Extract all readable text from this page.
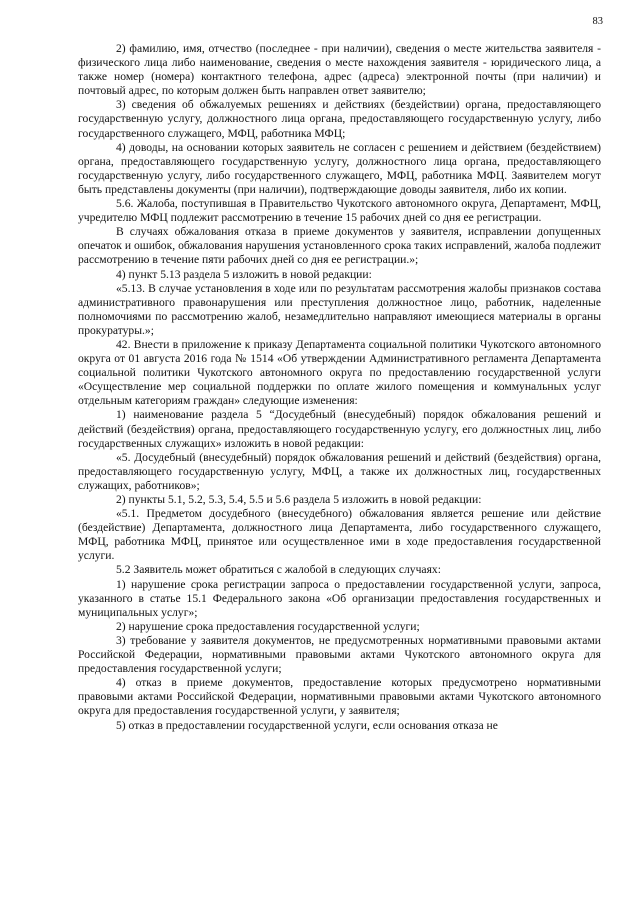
83

2) фамилию, имя, отчество (последнее - при наличии), сведения о месте жительства заявителя - физического лица либо наименование, сведения о месте нахождения заявителя - юридического лица, а также номер (номера) контактного телефона, адрес (адреса) электронной почты (при наличии) и почтовый адрес, по которым должен быть направлен ответ заявителю;

3) сведения об обжалуемых решениях и действиях (бездействии) органа, предоставляющего государственную услугу, должностного лица органа, предоставляющего государственную услугу, либо государственного служащего, МФЦ, работника МФЦ;

4) доводы, на основании которых заявитель не согласен с решением и действием (бездействием) органа, предоставляющего государственную услугу, должностного лица органа, предоставляющего государственную услугу, либо государственного служащего, МФЦ, работника МФЦ. Заявителем могут быть представлены документы (при наличии), подтверждающие доводы заявителя, либо их копии.

5.6. Жалоба, поступившая в Правительство Чукотского автономного округа, Департамент, МФЦ, учредителю МФЦ подлежит рассмотрению в течение 15 рабочих дней со дня ее регистрации.

В случаях обжалования отказа в приеме документов у заявителя, исправлении допущенных опечаток и ошибок, обжалования нарушения установленного срока таких исправлений, жалоба подлежит рассмотрению в течение пяти рабочих дней со дня ее регистрации.»;

4) пункт 5.13 раздела 5 изложить в новой редакции:

«5.13. В случае установления в ходе или по результатам рассмотрения жалобы признаков состава административного правонарушения или преступления должностное лицо, работник, наделенные полномочиями по рассмотрению жалоб, незамедлительно направляют имеющиеся материалы в органы прокуратуры.»;

42. Внести в приложение к приказу Департамента социальной политики Чукотского автономного округа от 01 августа 2016 года № 1514 «Об утверждении Административного регламента Департамента социальной политики Чукотского автономного округа по предоставлению государственной услуги «Осуществление мер социальной поддержки по оплате жилого помещения и коммунальных услуг отдельным категориям граждан» следующие изменения:

1) наименование раздела 5 “Досудебный (внесудебный) порядок обжалования решений и действий (бездействия) органа, предоставляющего государственную услугу, его должностных лиц, либо государственных служащих» изложить в новой редакции:

«5. Досудебный (внесудебный) порядок обжалования решений и действий (бездействия) органа, предоставляющего государственную услугу, МФЦ, а также их должностных лиц, государственных служащих, работников»;

2) пункты 5.1, 5.2, 5.3, 5.4, 5.5 и 5.6 раздела 5 изложить в новой редакции:

«5.1. Предметом досудебного (внесудебного) обжалования является решение или действие (бездействие) Департамента, должностного лица Департамента, либо государственного служащего, МФЦ, работника МФЦ, принятое или осуществленное ими в ходе предоставления государственной услуги.

5.2 Заявитель может обратиться с жалобой в следующих случаях:

1) нарушение срока регистрации запроса о предоставлении государственной услуги, запроса, указанного в статье 15.1 Федерального закона «Об организации предоставления государственных и муниципальных услуг»;

2) нарушение срока предоставления государственной услуги;

3) требование у заявителя документов, не предусмотренных нормативными правовыми актами Российской Федерации, нормативными правовыми актами Чукотского автономного округа для предоставления государственной услуги;

4) отказ в приеме документов, предоставление которых предусмотрено нормативными правовыми актами Российской Федерации, нормативными правовыми актами Чукотского автономного округа для предоставления государственной услуги, у заявителя;

5) отказ в предоставлении государственной услуги, если основания отказа не
